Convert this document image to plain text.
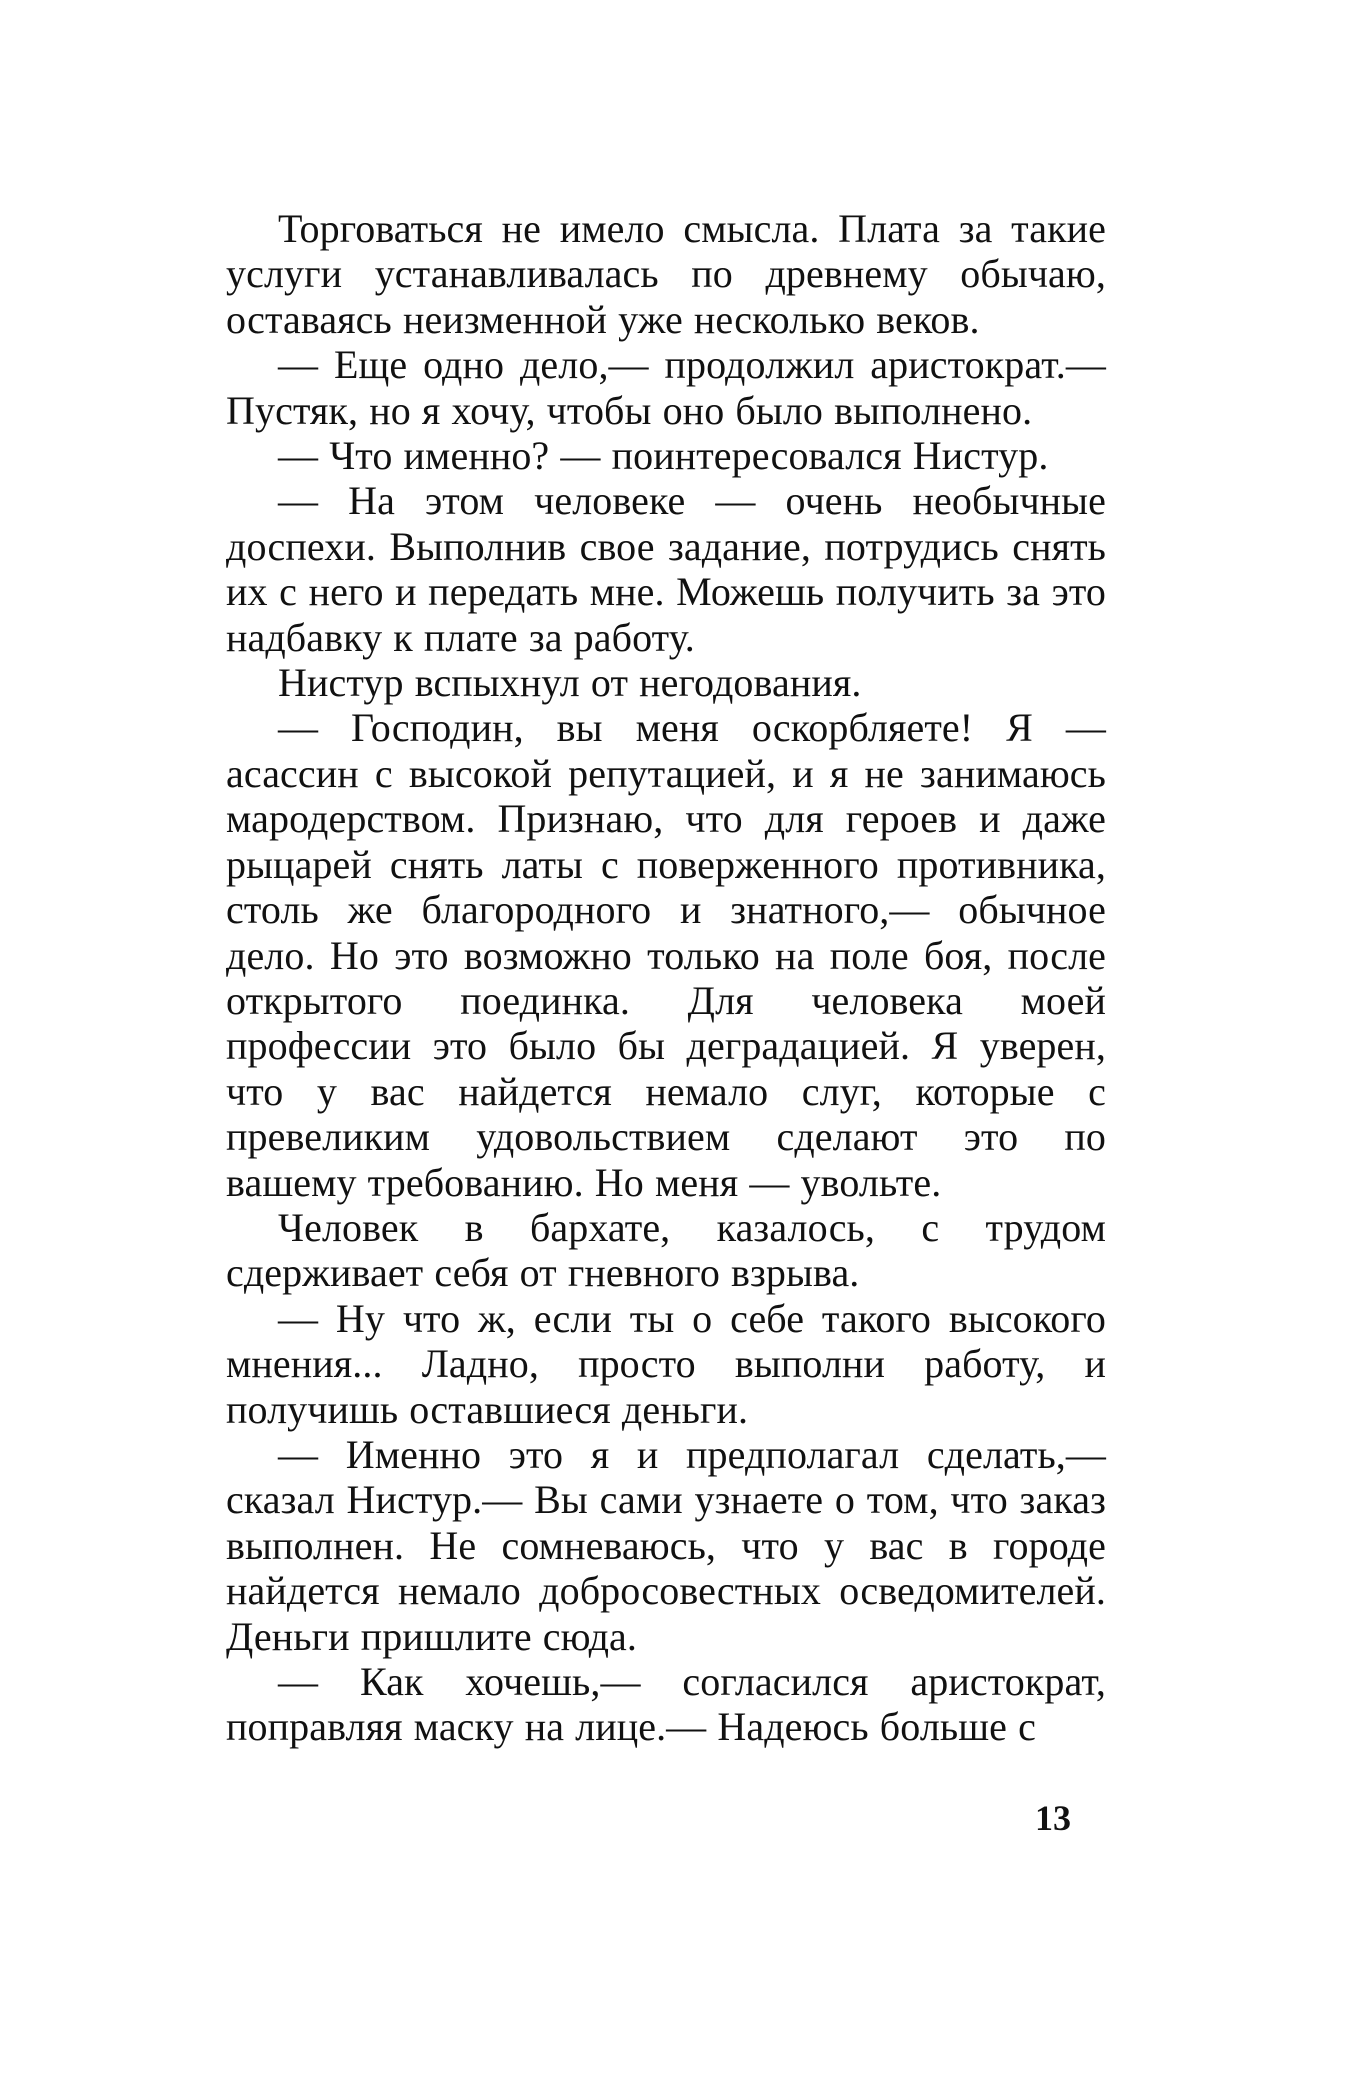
Торговаться не имело смысла. Плата за такие услуги устанавливалась по древнему обычаю, оставаясь неизменной уже несколько веков.

— Еще одно дело,— продолжил аристократ.— Пустяк, но я хочу, чтобы оно было выполнено.

— Что именно? — поинтересовался Нистур.

— На этом человеке — очень необычные доспехи. Выполнив свое задание, потрудись снять их с него и передать мне. Можешь получить за это надбавку к плате за работу.

Нистур вспыхнул от негодования.

— Господин, вы меня оскорбляете! Я — асассин с высокой репутацией, и я не занимаюсь мародерством. Признаю, что для героев и даже рыцарей снять латы с поверженного противника, столь же благородного и знатного,— обычное дело. Но это возможно только на поле боя, после открытого поединка. Для человека моей профессии это было бы деградацией. Я уверен, что у вас найдется немало слуг, которые с превеликим удовольствием сделают это по вашему требованию. Но меня — увольте.

Человек в бархате, казалось, с трудом сдерживает себя от гневного взрыва.

— Ну что ж, если ты о себе такого высокого мнения... Ладно, просто выполни работу, и получишь оставшиеся деньги.

— Именно это я и предполагал сделать,— сказал Нистур.— Вы сами узнаете о том, что заказ выполнен. Не сомневаюсь, что у вас в городе найдется немало добросовестных осведомителей. Деньги пришлите сюда.

— Как хочешь,— согласился аристократ, поправляя маску на лице.— Надеюсь больше с

13
